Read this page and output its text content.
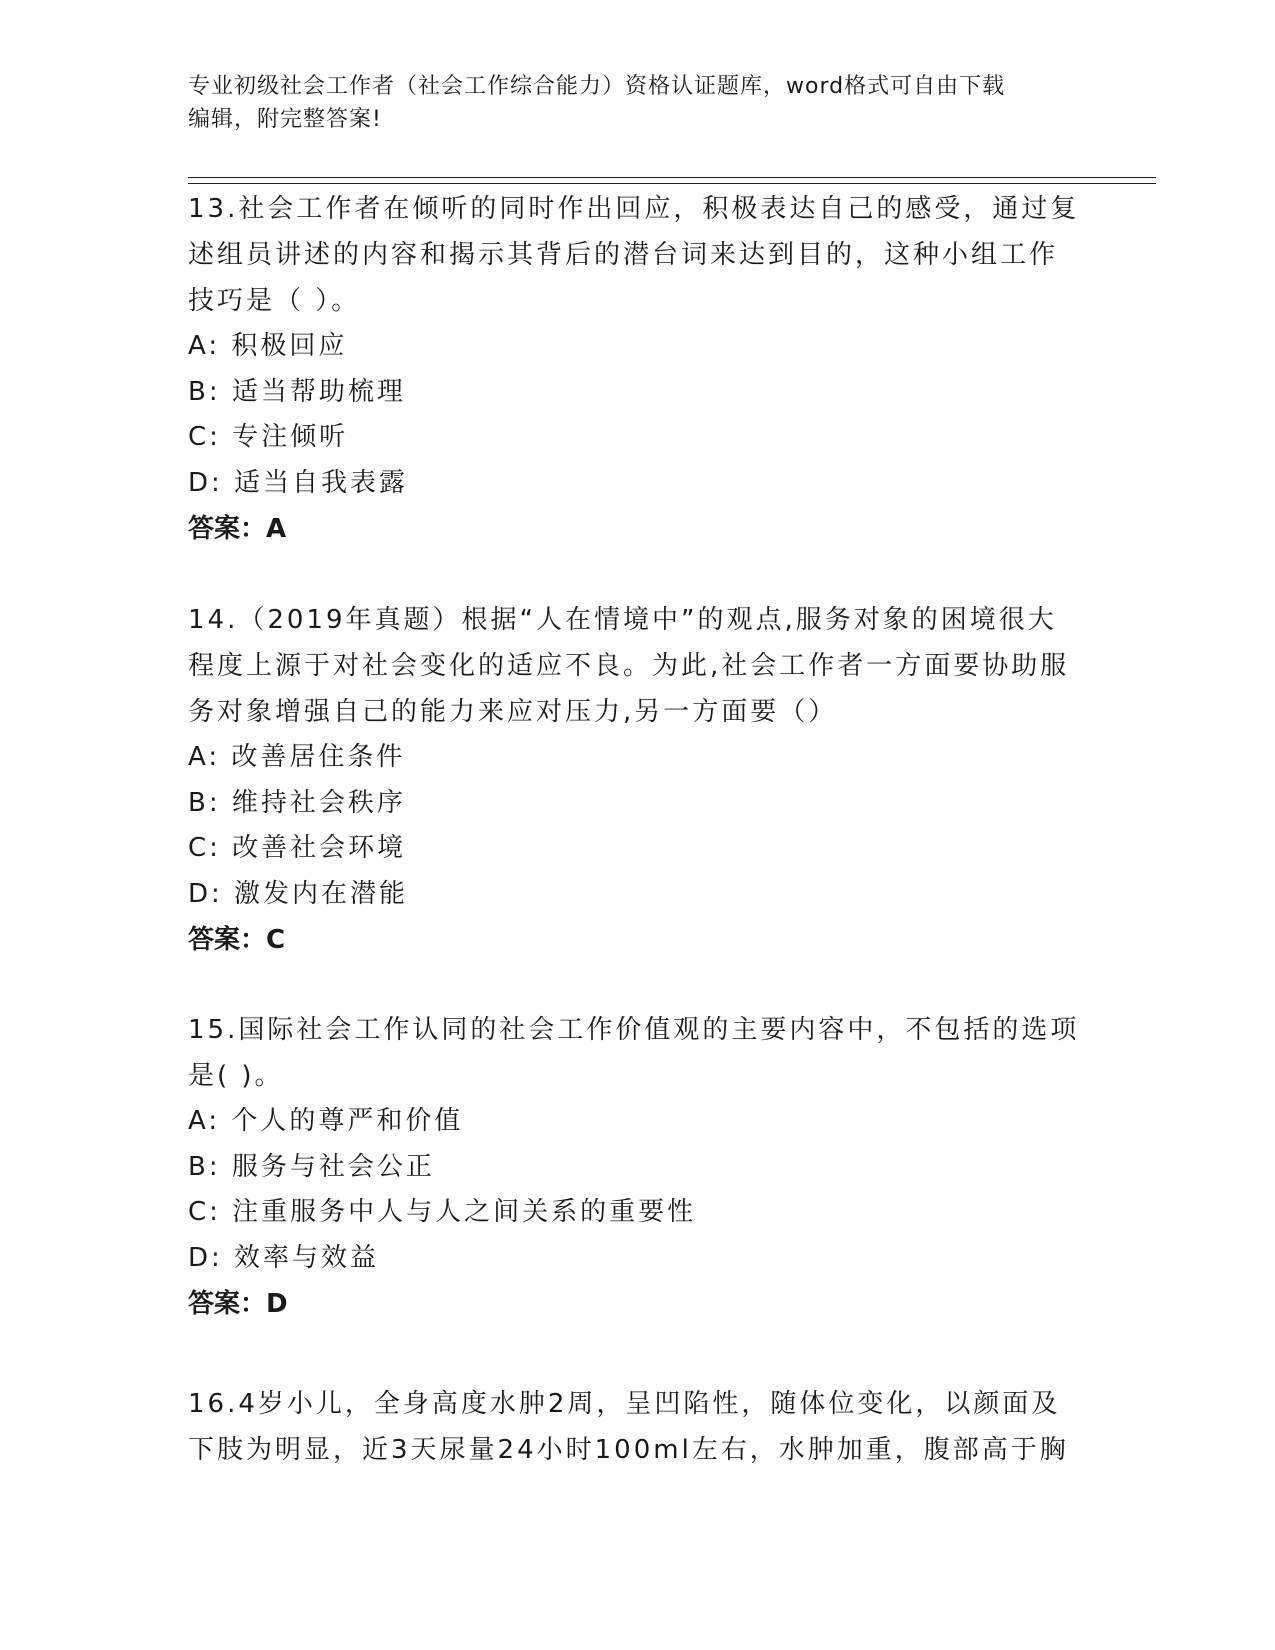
专业初级社会工作者（社会工作综合能力）资格认证题库，word格式可自由下载
编辑，附完整答案!
13.社会工作者在倾听的同时作出回应，积极表达自己的感受，通过复
述组员讲述的内容和揭示其背后的潜台词来达到目的，这种小组工作
技巧是（ ）。
A: 积极回应
B: 适当帮助梳理
C: 专注倾听
D: 适当自我表露
答案：A
14.（2019年真题）根据“人在情境中”的观点,服务对象的困境很大
程度上源于对社会变化的适应不良。为此,社会工作者一方面要协助服
务对象增强自己的能力来应对压力,另一方面要（）
A: 改善居住条件
B: 维持社会秩序
C: 改善社会环境
D: 激发内在潜能
答案：C
15.国际社会工作认同的社会工作价值观的主要内容中，不包括的选项
是( )。
A: 个人的尊严和价值
B: 服务与社会公正
C: 注重服务中人与人之间关系的重要性
D: 效率与效益
答案：D
16.4岁小儿，全身高度水肿2周，呈凹陷性，随体位变化，以颜面及
下肢为明显，近3天尿量24小时100ml左右，水肿加重，腹部高于胸
